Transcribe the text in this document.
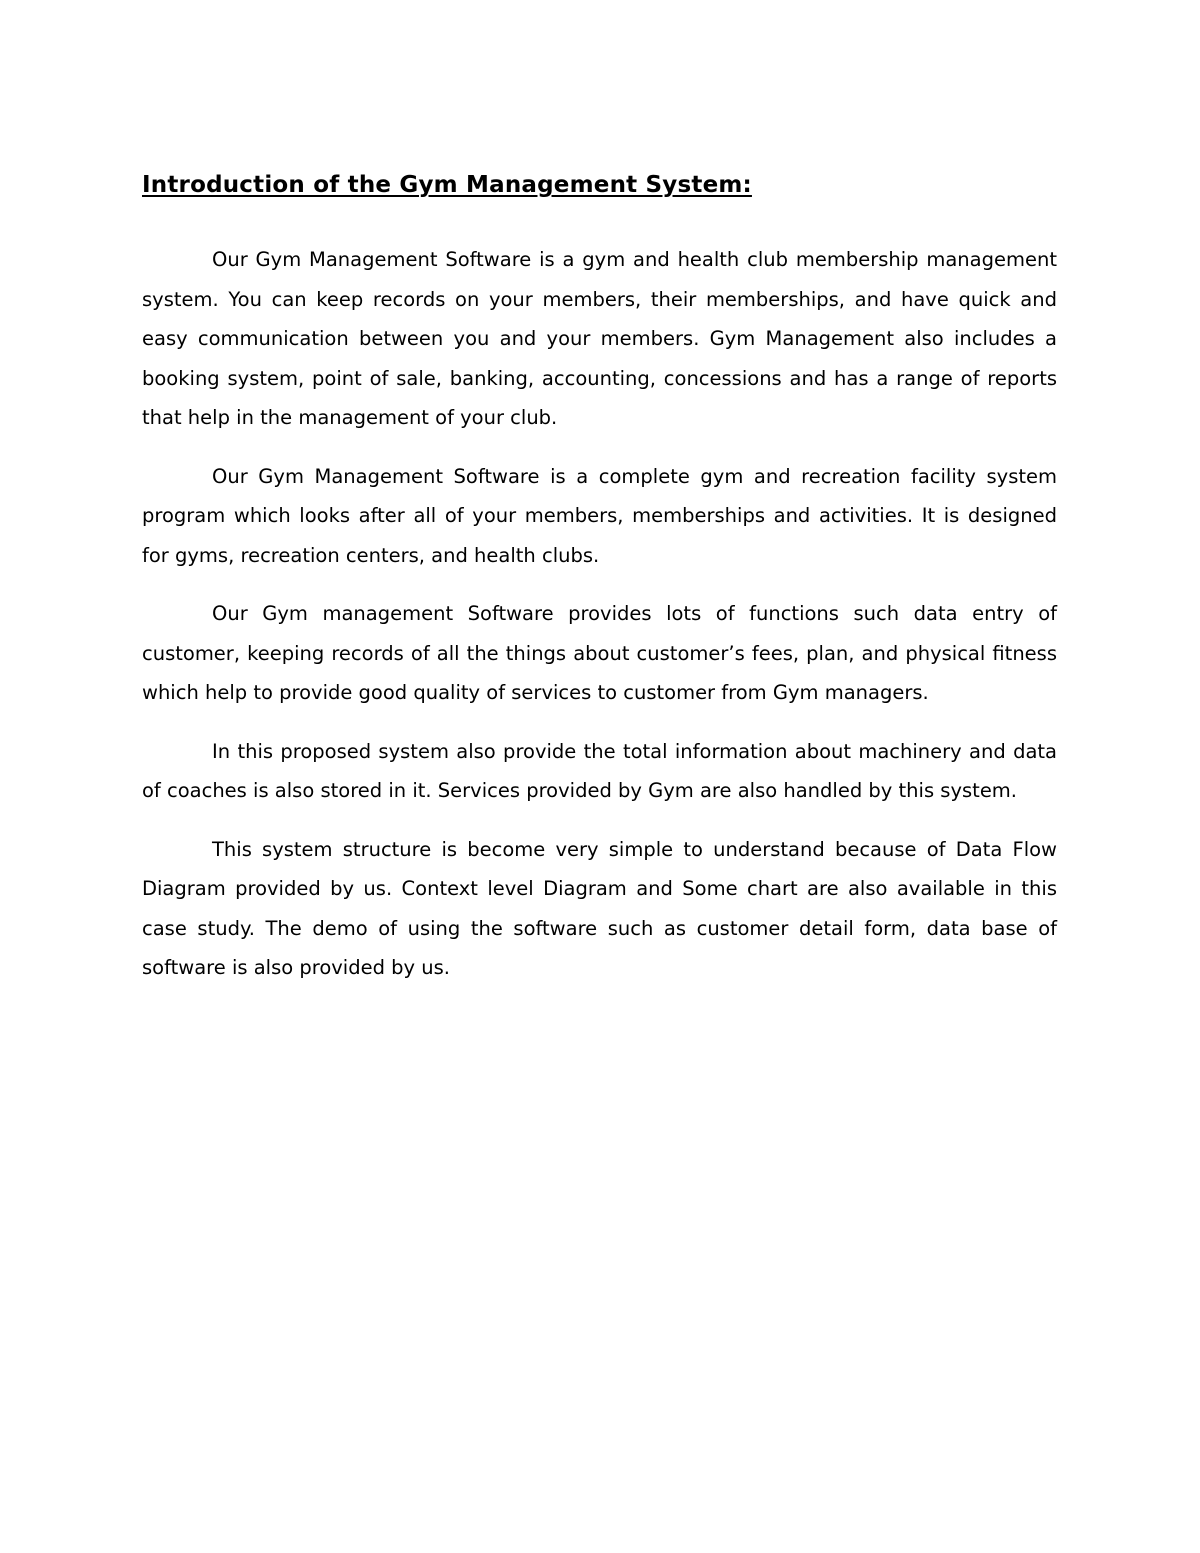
Introduction of the Gym Management System:

Our Gym Management Software is a gym and health club membership management system. You can keep records on your members, their memberships, and have quick and easy communication between you and your members. Gym Management also includes a booking system, point of sale, banking, accounting, concessions and has a range of reports that help in the management of your club.

Our Gym Management Software is a complete gym and recreation facility system program which looks after all of your members, memberships and activities. It is designed for gyms, recreation centers, and health clubs.

Our Gym management Software provides lots of functions such data entry of customer, keeping records of all the things about customer’s fees, plan, and physical fitness which help to provide good quality of services to customer from Gym managers.

In this proposed system also provide the total information about machinery and data of coaches is also stored in it. Services provided by Gym are also handled by this system.

This system structure is become very simple to understand because of Data Flow Diagram provided by us. Context level Diagram and Some chart are also available in this case study. The demo of using the software such as customer detail form, data base of software is also provided by us.
